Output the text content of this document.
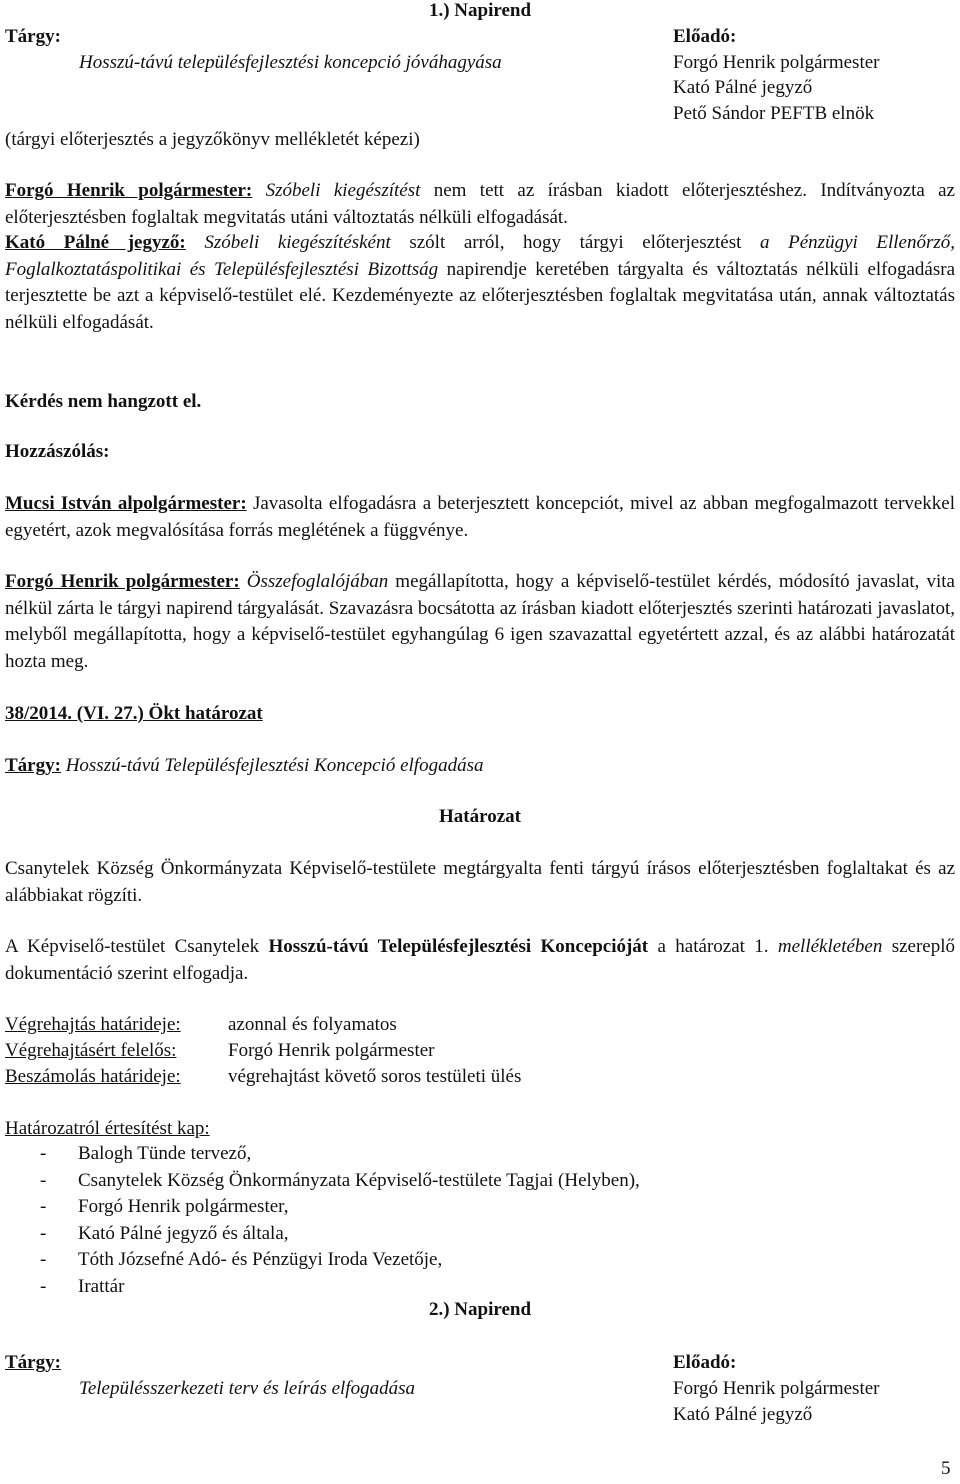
1.) Napirend
Tárgy:
Hosszú-távú településfejlesztési koncepció jóváhagyása
(tárgyi előterjesztés a jegyzőkönyv mellékletét képezi)
Előadó:
Forgó Henrik polgármester
Kató Pálné jegyző
Pető Sándor PEFTB elnök
Forgó Henrik polgármester: Szóbeli kiegészítést nem tett az írásban kiadott előterjesztéshez. Indítványozta az előterjesztésben foglaltak megvitatás utáni változtatás nélküli elfogadását.
Kató Pálné jegyző: Szóbeli kiegészítésként szólt arról, hogy tárgyi előterjesztést a Pénzügyi Ellenőrző, Foglalkoztatáspolitikai és Településfejlesztési Bizottság napirendje keretében tárgyalta és változtatás nélküli elfogadásra terjesztette be azt a képviselő-testület elé. Kezdeményezte az előterjesztésben foglaltak megvitatása után, annak változtatás nélküli elfogadását.
Kérdés nem hangzott el.
Hozzászólás:
Mucsi István alpolgármester: Javasolta elfogadásra a beterjesztett koncepciót, mivel az abban megfogalmazott tervekkel egyetért, azok megvalósítása forrás meglétének a függvénye.
Forgó Henrik polgármester: Összefoglalójában megállapította, hogy a képviselő-testület kérdés, módosító javaslat, vita nélkül zárta le tárgyi napirend tárgyalását. Szavazásra bocsátotta az írásban kiadott előterjesztés szerinti határozati javaslatot, melyből megállapította, hogy a képviselő-testület egyhangúlag 6 igen szavazattal egyetértett azzal, és az alábbi határozatát hozta meg.
38/2014. (VI. 27.) Ökt határozat
Tárgy: Hosszú-távú Településfejlesztési Koncepció elfogadása
Határozat
Csanytelek Község Önkormányzata Képviselő-testülete megtárgyalta fenti tárgyú írásos előterjesztésben foglaltakat és az alábbiakat rögzíti.
A Képviselő-testület Csanytelek Hosszú-távú Településfejlesztési Koncepcióját a határozat 1. mellékletében szereplő dokumentáció szerint elfogadja.
Végrehajtás határideje: azonnal és folyamatos
Végrehajtásért felelős:	Forgó Henrik polgármester
Beszámolás határideje: végrehajtást követő soros testületi ülés
Határozatról értesítést kap:
- Balogh Tünde tervező,
- Csanytelek Község Önkormányzata Képviselő-testülete Tagjai (Helyben),
- Forgó Henrik polgármester,
- Kató Pálné jegyző és általa,
- Tóth Józsefné Adó- és Pénzügyi Iroda Vezetője,
- Irattár
2.) Napirend
Tárgy:
Településszerkezeti terv és leírás elfogadása
Előadó:
Forgó Henrik polgármester
Kató Pálné jegyző
5
